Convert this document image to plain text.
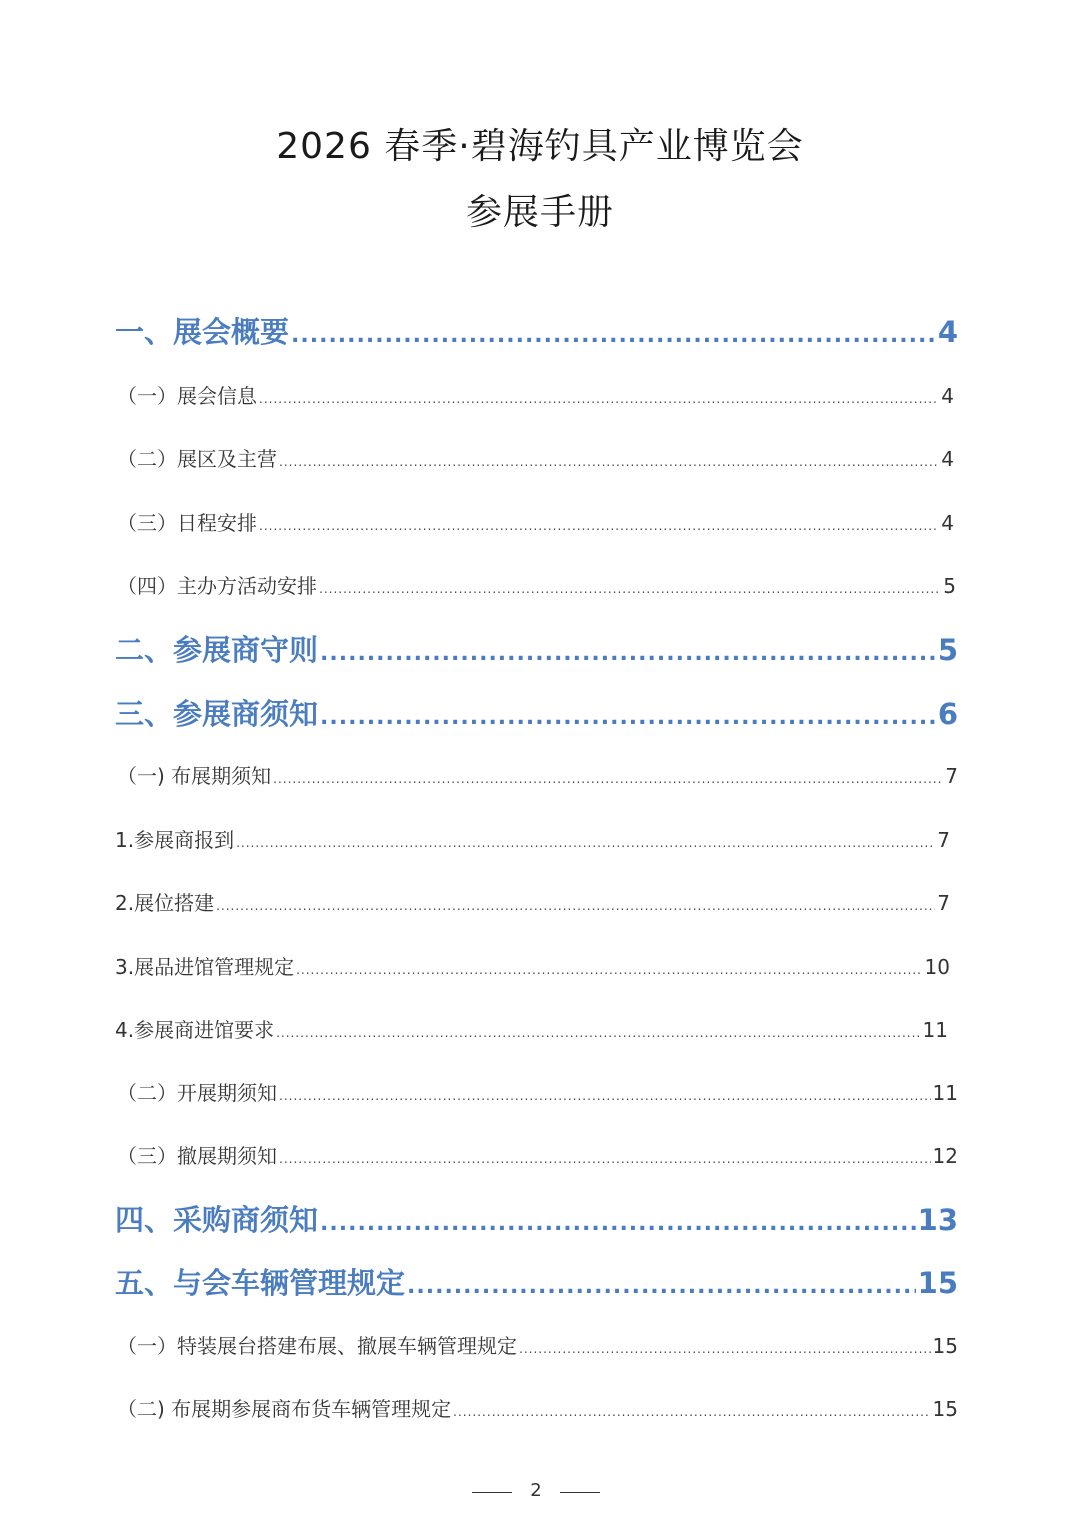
2026 春季·碧海钓具产业博览会
参展手册
一、展会概要 .....	4
（一）展会信息 .....	4
（二）展区及主营 .....	4
（三）日程安排 .....	4
（四）主办方活动安排 .....	5
二、参展商守则 .....	5
三、参展商须知 .....	6
（一) 布展期须知 .....	7
1.参展商报到 .....	7
2.展位搭建 .....	7
3.展品进馆管理规定 .....	10
4.参展商进馆要求 .....	11
（二）开展期须知 .....	11
（三）撤展期须知 .....	12
四、采购商须知 .....	13
五、与会车辆管理规定 .....	15
（一）特装展台搭建布展、撤展车辆管理规定 .....	15
（二) 布展期参展商布货车辆管理规定 .....	15
2
